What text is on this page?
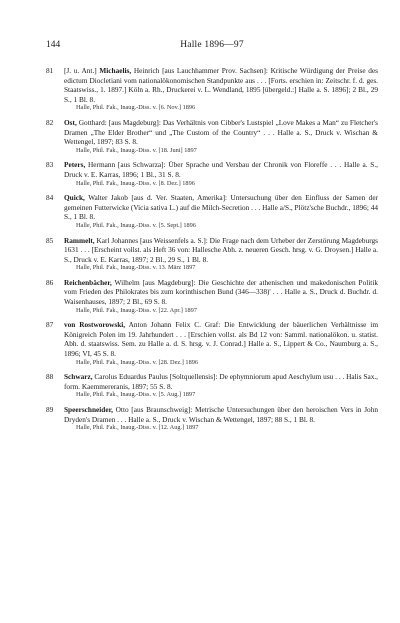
144	Halle 1896—97
81 [J. u. Ant.] Michaelis, Heinrich [aus Lauchhammer Prov. Sachsen]: Kritische Würdigung der Preise des edictum Diocletiani vom nationalökonomischen Standpunkte aus . . . [Forts. erschien in: Zeitschr. f. d. ges. Staatswiss., 1. 1897.] Köln a. Rh., Druckerei v. L. Wendland, 1895 [übergeld.:] Halle a. S. 1896]; 2 Bl., 29 S., 1 Bl. 8.
Halle, Phil. Fak., Inaug.-Diss. v. [6. Nov.] 1896
82 Ost, Gotthard: [aus Magdeburg]: Das Verhältnis von Cibber's Lustspiel „Love Makes a Man“ zu Fletcher's Dramen „The Elder Brother“ und „The Custom of the Country“ . . . Halle a. S., Druck v. Wischan & Wettengel, 1897; 83 S. 8.
Halle, Phil. Fak., Inaug.-Diss. v. [18. Juni] 1897
83 Peters, Hermann [aus Schwarza]: Über Sprache und Versbau der Chronik von Floreffe . . . Halle a. S., Druck v. E. Karras, 1896; 1 Bl., 31 S. 8.
Halle, Phil. Fak., Inaug.-Diss. v. [8. Dez.] 1896
84 Quick, Walter Jakob [aus d. Ver. Staaten, Amerika]: Untersuchung über den Einfluss der Samen der gemeinen Futterwicke (Vicia sativa L.) auf die Milch-Secretion . . . Halle a/S., Plötz'sche Buchdr., 1896; 44 S., 1 Bl. 8.
Halle, Phil. Fak., Inaug.-Diss. v. [5. Sept.] 1896
85 Rammelt, Karl Johannes [aus Weissenfels a. S.]: Die Frage nach dem Urheber der Zerstörung Magdeburgs 1631 . . . [Erscheint vollst. als Heft 36 von: Hallesche Abh. z. neueren Gesch. hrsg. v. G. Droysen.] Halle a. S., Druck v. E. Karras, 1897; 2 Bl., 29 S., 1 Bl. 8.
Halle, Phil. Fak., Inaug.-Diss. v. 13. März 1897
86 Reichenbächer, Wilhelm [aus Magdeburg]: Die Geschichte der athenischen und makedonischen Politik vom Frieden des Philokrates bis zum korinthischen Bund (346—338)' . . . Halle a. S., Druck d. Buchdr. d. Waisenhauses, 1897; 2 Bl., 69 S. 8.
Halle, Phil. Fak., Inaug.-Diss. v. [22. Apr.] 1897
87 von Rostworowski, Anton Johann Felix C. Graf: Die Entwicklung der bäuerlichen Verhältnisse im Königreich Polen im 19. Jahrhundert . . . [Erschien vollst. als Bd 12 von: Samml. nationalökon. u. statist. Abh. d. staatswiss. Sem. zu Halle a. d. S. hrsg. v. J. Conrad.] Halle a. S., Lippert & Co., Naumburg a. S., 1896; VI, 45 S. 8.
Halle, Phil. Fak., Inaug.-Diss. v. [28. Dez.] 1896
88 Schwarz, Carolus Eduardus Paulus [Soltquellensis]: De ephymniorum apud Aeschylum usu . . . Halis Sax., form. Kaemmereranis, 1897; 55 S. 8.
Halle, Phil. Fak., Inaug.-Diss. v. [5. Aug.] 1897
89 Speerschneider, Otto [aus Braunschweig]: Metrische Untersuchungen über den heroischen Vers in John Dryden's Dramen . . . Halle a. S., Druck v. Wischan & Wettengel, 1897; 88 S., 1 Bl. 8.
Halle, Phil. Fak., Inaug.-Diss. v. [12. Aug.] 1897
